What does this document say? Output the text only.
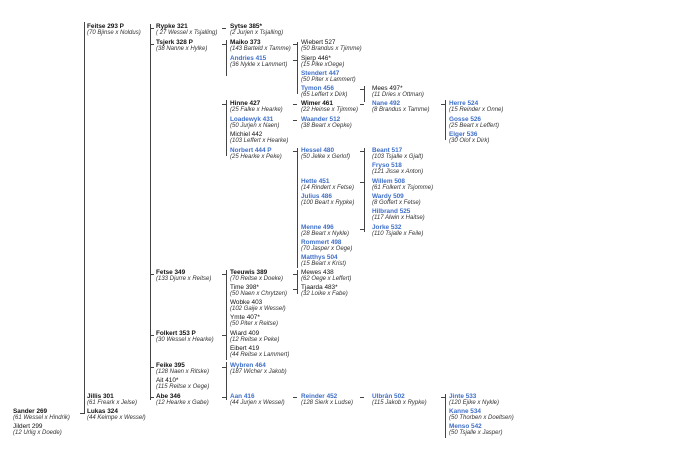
Sander 269
(61 Wessel x Hindrik)
Jildert 299
(12 Urlig x Doede)
Feitse 293 P
(70 Bjinse x Noldus)
Jillis 301
(61 Freark x Jelse)
Lukas 324
(44 Keimpe x Wessel)
Rypke 321
( 27 Wessel x Tsjalling)
Tsjerk 328 P
(38 Nanne x Hylke)
Fetse 349
(133 Djurre x Reitse)
Folkert 353 P
(30 Wessel x Hearke)
Feike 395
(128 Naen x Ritske)
Ait 410*
(115 Reitse x Oege)
Abe 346
(12 Hearke x Gabe)
Sytse 385*
(2 Jurjen x Tsjalling)
Maiko 373
(143 Barteld x Tamme)
Andries 415
(36 Nykle x Lammert)
Hinne 427
(25 Falke x Hearke)
Loadewyk 431
(50 Jurjen x Naen)
Michiel 442
(103 Leffert x Hearke)
Norbert 444 P
(25 Hearke x Peke)
Teeuwis 389
(70 Reitse x Doeke)
Time 398*
(50 Naen x Chrytzen)
Wobke 403
(102 Gaije x Wessel)
Ymte 407*
(50 Piter x Reitse)
Wiard 409
(12 Reitse x Peke)
Eibert 419
(44 Reitse x Lammert)
Wybren 464
(187 Wicher x Jakob)
Aan 416
(44 Jurjen x Wessel)
Wiebert 527
(50 Brandus x Tjimme)
Sjerp 446*
(15 Pike xOege)
Stendert 447
(50 Piter x Lammert)
Tymon 456
(65 Leffert x Dirk)
Wimer 461
(22 Heinse x Tjimme)
Waander 512
(38 Beart x Oepke)
Hessel 480
(50 Jelke x Gerlof)
Hette 451
(14 Rindert x Fetse)
Julius 486
(100 Beart x Rypke)
Menne 496
(28 Beart x Nykle)
Rommert 498
(70 Jasper x Oege)
Matthys 504
(15 Beart x Krist)
Mewes 438
(62 Oege x Leffert)
Tjaarda 483*
(32 Loike x Fabe)
Reinder 452
(128 Sierk x Ludse)
Mees 497*
(11 Dries x Ottman)
Nane 492
(8 Brandus x Tamme)
Beant 517
(103 Tsjalle x Gjalt)
Fryso 518
(121 Jisse x Anton)
Willem 508
(61 Folkert x Tsjomme)
Wardy 509
(8 Goffert x Fetse)
Hilbrand 525
(117 Alwin x Haitse)
Jorke 532
(110 Tsjalle x Feile)
Ulbrân 502
(115 Jakob x Rypke)
Herre 524
(15 Reinder x Onne)
Gosse 526
(25 Beart x Leffert)
Elger 536
(30 Olof x Dirk)
Jinte 533
(120 Ejike x Nykle)
Kanne 534
(50 Thorben x Doeltsen)
Menso 542
(50 Tsjalle x Jasper)
